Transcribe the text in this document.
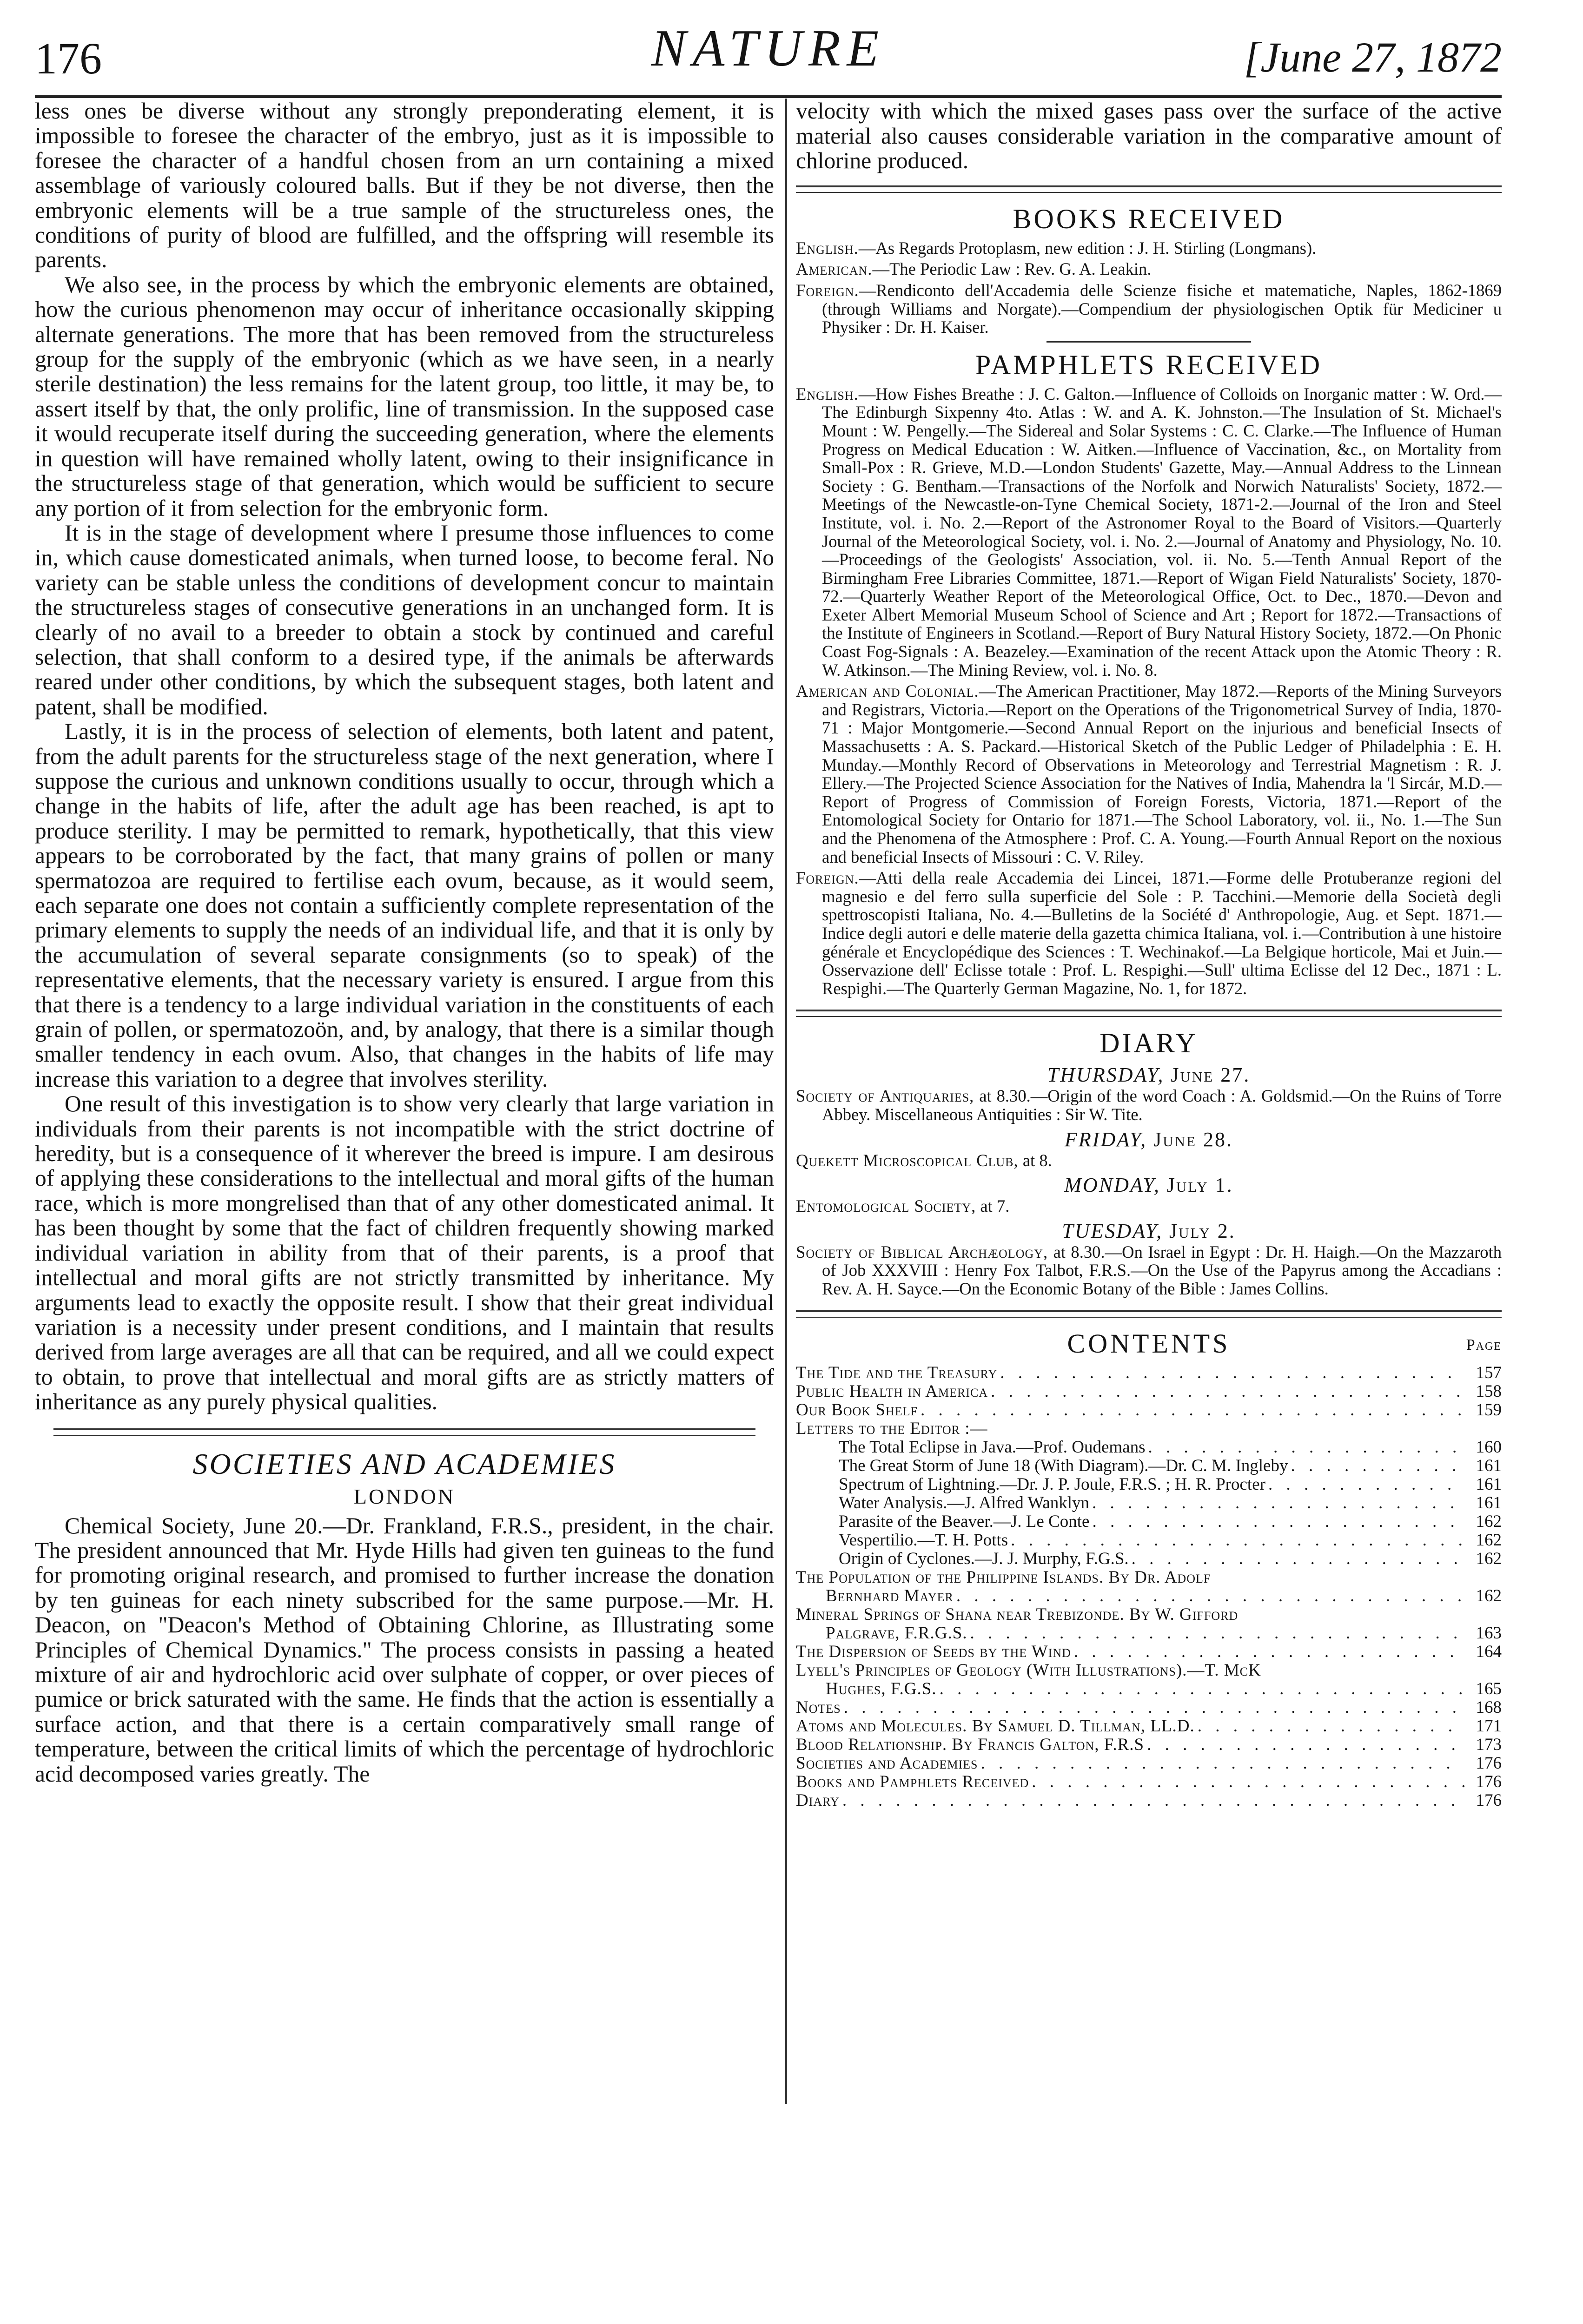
176	NATURE	[June 27, 1872

less ones be diverse without any strongly preponderating element, it is impossible to foresee the character of the embryo, just as it is impossible to foresee the character of a handful chosen from an urn containing a mixed assemblage of variously coloured balls. But if they be not diverse, then the embryonic elements will be a true sample of the structureless ones, the conditions of purity of blood are fulfilled, and the offspring will resemble its parents.

We also see, in the process by which the embryonic elements are obtained, how the curious phenomenon may occur of inheritance occasionally skipping alternate generations. The more that has been removed from the structureless group for the supply of the embryonic (which as we have seen, in a nearly sterile destination) the less remains for the latent group, too little, it may be, to assert itself by that, the only prolific, line of transmission. In the supposed case it would recuperate itself during the succeeding generation, where the elements in question will have remained wholly latent, owing to their insignificance in the structureless stage of that generation, which would be sufficient to secure any portion of it from selection for the embryonic form.

It is in the stage of development where I presume those influences to come in, which cause domesticated animals, when turned loose, to become feral. No variety can be stable unless the conditions of development concur to maintain the structureless stages of consecutive generations in an unchanged form. It is clearly of no avail to a breeder to obtain a stock by continued and careful selection, that shall conform to a desired type, if the animals be afterwards reared under other conditions, by which the subsequent stages, both latent and patent, shall be modified.

Lastly, it is in the process of selection of elements, both latent and patent, from the adult parents for the structureless stage of the next generation, where I suppose the curious and unknown conditions usually to occur, through which a change in the habits of life, after the adult age has been reached, is apt to produce sterility. I may be permitted to remark, hypothetically, that this view appears to be corroborated by the fact, that many grains of pollen or many spermatozoa are required to fertilise each ovum, because, as it would seem, each separate one does not contain a sufficiently complete representation of the primary elements to supply the needs of an individual life, and that it is only by the accumulation of several separate consignments (so to speak) of the representative elements, that the necessary variety is ensured. I argue from this that there is a tendency to a large individual variation in the constituents of each grain of pollen, or spermatozoön, and, by analogy, that there is a similar though smaller tendency in each ovum. Also, that changes in the habits of life may increase this variation to a degree that involves sterility.

One result of this investigation is to show very clearly that large variation in individuals from their parents is not incompatible with the strict doctrine of heredity, but is a consequence of it wherever the breed is impure. I am desirous of applying these considerations to the intellectual and moral gifts of the human race, which is more mongrelised than that of any other domesticated animal. It has been thought by some that the fact of children frequently showing marked individual variation in ability from that of their parents, is a proof that intellectual and moral gifts are not strictly transmitted by inheritance. My arguments lead to exactly the opposite result. I show that their great individual variation is a necessity under present conditions, and I maintain that results derived from large averages are all that can be required, and all we could expect to obtain, to prove that intellectual and moral gifts are as strictly matters of inheritance as any purely physical qualities.

SOCIETIES AND ACADEMIES
LONDON

Chemical Society, June 20.—Dr. Frankland, F.R.S., president, in the chair. The president announced that Mr. Hyde Hills had given ten guineas to the fund for promoting original research, and promised to further increase the donation by ten guineas for each ninety subscribed for the same purpose.—Mr. H. Deacon, on "Deacon's Method of Obtaining Chlorine, as Illustrating some Principles of Chemical Dynamics." The process consists in passing a heated mixture of air and hydrochloric acid over sulphate of copper, or over pieces of pumice or brick saturated with the same. He finds that the action is essentially a surface action, and that there is a certain comparatively small range of temperature, between the critical limits of which the percentage of hydrochloric acid decomposed varies greatly. The

velocity with which the mixed gases pass over the surface of the active material also causes considerable variation in the comparative amount of chlorine produced.

BOOKS RECEIVED

English.—As Regards Protoplasm, new edition : J. H. Stirling (Longmans).

American.—The Periodic Law : Rev. G. A. Leakin.

Foreign.—Rendiconto dell'Accademia delle Scienze fisiche et matematiche, Naples, 1862-1869 (through Williams and Norgate).—Compendium der physiologischen Optik für Mediciner u Physiker : Dr. H. Kaiser.

PAMPHLETS RECEIVED

English.—How Fishes Breathe : J. C. Galton.—Influence of Colloids on Inorganic matter : W. Ord.—The Edinburgh Sixpenny 4to. Atlas : W. and A. K. Johnston.—The Insulation of St. Michael's Mount : W. Pengelly.—The Sidereal and Solar Systems : C. C. Clarke.—The Influence of Human Progress on Medical Education : W. Aitken.—Influence of Vaccination, &c., on Mortality from Small-Pox : R. Grieve, M.D.—London Students' Gazette, May.—Annual Address to the Linnean Society : G. Bentham.—Transactions of the Norfolk and Norwich Naturalists' Society, 1872.—Meetings of the Newcastle-on-Tyne Chemical Society, 1871-2.—Journal of the Iron and Steel Institute, vol. i. No. 2.—Report of the Astronomer Royal to the Board of Visitors.—Quarterly Journal of the Meteorological Society, vol. i. No. 2.—Journal of Anatomy and Physiology, No. 10.—Proceedings of the Geologists' Association, vol. ii. No. 5.—Tenth Annual Report of the Birmingham Free Libraries Committee, 1871.—Report of Wigan Field Naturalists' Society, 1870-72.—Quarterly Weather Report of the Meteorological Office, Oct. to Dec., 1870.—Devon and Exeter Albert Memorial Museum School of Science and Art ; Report for 1872.—Transactions of the Institute of Engineers in Scotland.—Report of Bury Natural History Society, 1872.—On Phonic Coast Fog-Signals : A. Beazeley.—Examination of the recent Attack upon the Atomic Theory : R. W. Atkinson.—The Mining Review, vol. i. No. 8.

American and Colonial.—The American Practitioner, May 1872.—Reports of the Mining Surveyors and Registrars, Victoria.—Report on the Operations of the Trigonometrical Survey of India, 1870-71 : Major Montgomerie.—Second Annual Report on the injurious and beneficial Insects of Massachusetts : A. S. Packard.—Historical Sketch of the Public Ledger of Philadelphia : E. H. Munday.—Monthly Record of Observations in Meteorology and Terrestrial Magnetism : R. J. Ellery.—The Projected Science Association for the Natives of India, Mahendra la 'l Sircár, M.D.—Report of Progress of Commission of Foreign Forests, Victoria, 1871.—Report of the Entomological Society for Ontario for 1871.—The School Laboratory, vol. ii., No. 1.—The Sun and the Phenomena of the Atmosphere : Prof. C. A. Young.—Fourth Annual Report on the noxious and beneficial Insects of Missouri : C. V. Riley.

Foreign.—Atti della reale Accademia dei Lincei, 1871.—Forme delle Protuberanze regioni del magnesio e del ferro sulla superficie del Sole : P. Tacchini.—Memorie della Società degli spettroscopisti Italiana, No. 4.—Bulletins de la Société d' Anthropologie, Aug. et Sept. 1871.—Indice degli autori e delle materie della gazetta chimica Italiana, vol. i.—Contribution à une histoire générale et Encyclopédique des Sciences : T. Wechinakof.—La Belgique horticole, Mai et Juin.—Osservazione dell' Eclisse totale : Prof. L. Respighi.—Sull' ultima Eclisse del 12 Dec., 1871 : L. Respighi.—The Quarterly German Magazine, No. 1, for 1872.

DIARY
THURSDAY, June 27.

Society of Antiquaries, at 8.30.—Origin of the word Coach : A. Goldsmid.—On the Ruins of Torre Abbey. Miscellaneous Antiquities : Sir W. Tite.

FRIDAY, June 28.

Quekett Microscopical Club, at 8.

MONDAY, July 1.

Entomological Society, at 7.

TUESDAY, July 2.

Society of Biblical Archæology, at 8.30.—On Israel in Egypt : Dr. H. Haigh.—On the Mazzaroth of Job XXXVIII : Henry Fox Talbot, F.R.S.—On the Use of the Papyrus among the Accadians : Rev. A. H. Sayce.—On the Economic Botany of the Bible : James Collins.

CONTENTS	Page
The Tide and the Treasury . . .	157
Public Health in America . . .	158
Our Book Shelf . . .	159
Letters to the Editor :—
The Total Eclipse in Java.—Prof. Oudemans . . .	160
The Great Storm of June 18 (With Diagram).—Dr. C. M. Ingleby . . .	161
Spectrum of Lightning.—Dr. J. P. Joule, F.R.S. ; H. R. Procter . . .	161
Water Analysis.—J. Alfred Wanklyn . . .	161
Parasite of the Beaver.—J. Le Conte . . .	162
Vespertilio.—T. H. Potts . . .	162
Origin of Cyclones.—J. J. Murphy, F.G.S. . . .	162
The Population of the Philippine Islands. By Dr. Adolf
Bernhard Mayer . . .	162
Mineral Springs of Shana near Trebizonde. By W. Gifford
Palgrave, F.R.G.S. . . .	163
The Dispersion of Seeds by the Wind . . .	164
Lyell's Principles of Geology (With Illustrations).—T. McK
Hughes, F.G.S. . . .	165
Notes . . .	168
Atoms and Molecules. By Samuel D. Tillman, LL.D. . . .	171
Blood Relationship. By Francis Galton, F.R.S . . .	173
Societies and Academies . . .	176
Books and Pamphlets Received . . .	176
Diary . . .	176
